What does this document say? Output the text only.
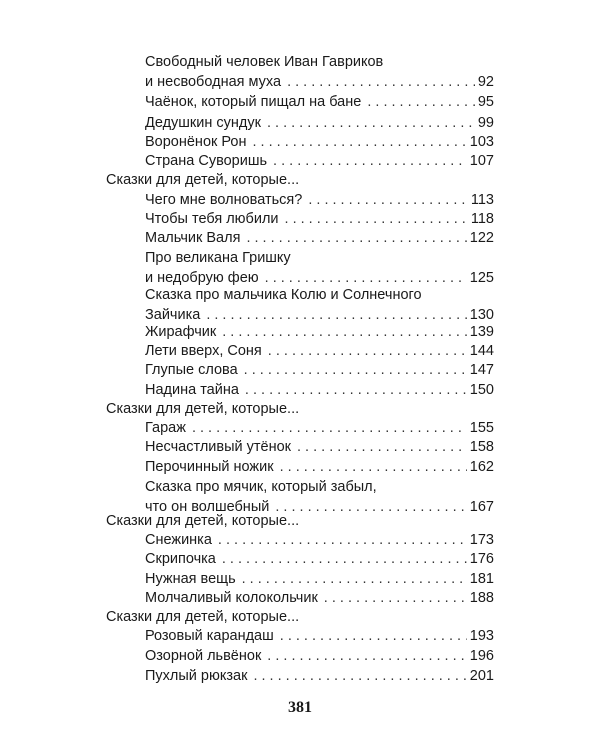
Свободный человек Иван Гавриков
и несвободная муха . . .	92
Чаёнок, который пищал на бане . . .	95
Дедушкин сундук . . .	99
Воронёнок Рон . . .	103
Страна Суворишь . . .	107
Сказки для детей, которые...
Чего мне волноваться? . . .	113
Чтобы тебя любили . . .	118
Мальчик Валя . . .	122
Про великана Гришку
и недобрую фею . . .	125
Сказка про мальчика Колю и Солнечного
Зайчика . . .	130
Жирафчик . . .	139
Лети вверх, Соня . . .	144
Глупые слова . . .	147
Надина тайна . . .	150
Сказки для детей, которые...
Гараж . . .	155
Несчастливый утёнок . . .	158
Перочинный ножик . . .	162
Сказка про мячик, который забыл,
что он волшебный . . .	167
Сказки для детей, которые...
Снежинка . . .	173
Скрипочка . . .	176
Нужная вещь . . .	181
Молчаливый колокольчик . . .	188
Сказки для детей, которые...
Розовый карандаш . . .	193
Озорной львёнок . . .	196
Пухлый рюкзак . . .	201
381
